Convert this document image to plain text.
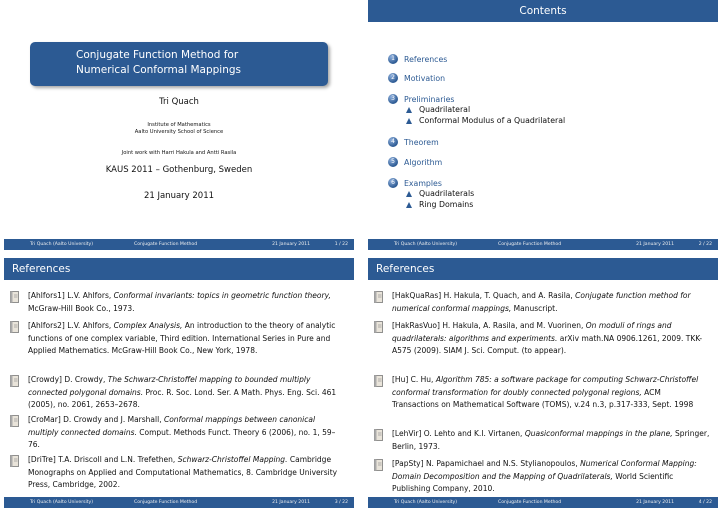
Conjugate Function Method for
Numerical Conformal Mappings
Tri Quach
Institute of Mathematics
Aalto University School of Science
Joint work with Harri Hakula and Antti Rasila
KAUS 2011 – Gothenburg, Sweden
21 January 2011
Tri Quach (Aalto University)	Conjugate Function Method	21 January 2011	1 / 22
Contents
1	References
2	Motivation
3	Preliminaries
Quadrilateral
Conformal Modulus of a Quadrilateral
4	Theorem
5	Algorithm
6	Examples
Quadrilaterals
Ring Domains
Tri Quach (Aalto University)	Conjugate Function Method	21 January 2011	2 / 22
References
[Ahlfors1] L.V. Ahlfors, Conformal invariants: topics in geometric function theory, McGraw-Hill Book Co., 1973.
[Ahlfors2] L.V. Ahlfors, Complex Analysis, An introduction to the theory of analytic functions of one complex variable, Third edition. International Series in Pure and Applied Mathematics. McGraw-Hill Book Co., New York, 1978.
[Crowdy] D. Crowdy, The Schwarz-Christoffel mapping to bounded multiply connected polygonal domains. Proc. R. Soc. Lond. Ser. A Math. Phys. Eng. Sci. 461 (2005), no. 2061, 2653–2678.
[CroMar] D. Crowdy and J. Marshall, Conformal mappings between canonical multiply connected domains. Comput. Methods Funct. Theory 6 (2006), no. 1, 59–76.
[DriTre] T.A. Driscoll and L.N. Trefethen, Schwarz-Christoffel Mapping. Cambridge Monographs on Applied and Computational Mathematics, 8. Cambridge University Press, Cambridge, 2002.
Tri Quach (Aalto University)	Conjugate Function Method	21 January 2011	3 / 22
References
[HakQuaRas] H. Hakula, T. Quach, and A. Rasila, Conjugate function method for numerical conformal mappings, Manuscript.
[HakRasVuo] H. Hakula, A. Rasila, and M. Vuorinen, On moduli of rings and quadrilaterals: algorithms and experiments. arXiv math.NA 0906.1261, 2009. TKK-A575 (2009). SIAM J. Sci. Comput. (to appear).
[Hu] C. Hu, Algorithm 785: a software package for computing Schwarz-Christoffel conformal transformation for doubly connected polygonal regions, ACM Transactions on Mathematical Software (TOMS), v.24 n.3, p.317-333, Sept. 1998
[LehVir] O. Lehto and K.I. Virtanen, Quasiconformal mappings in the plane, Springer, Berlin, 1973.
[PapSty] N. Papamichael and N.S. Stylianopoulos, Numerical Conformal Mapping: Domain Decomposition and the Mapping of Quadrilaterals, World Scientific Publishing Company, 2010.
Tri Quach (Aalto University)	Conjugate Function Method	21 January 2011	4 / 22
